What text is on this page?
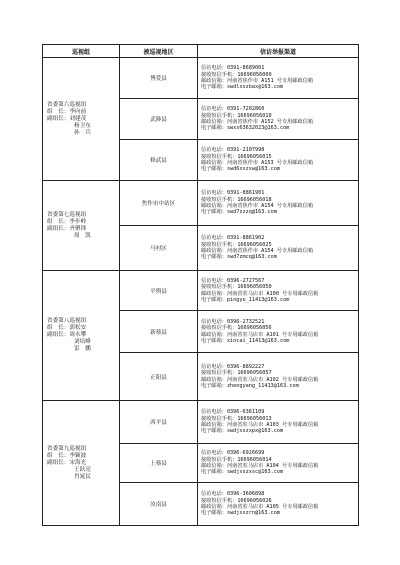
巡视组	被巡视地区	信访举报渠道

省委第六巡视组
组　长：李向前
副组长：刘建茂
杨卫东
孙　兵	博爱县	信访电话：0391-8689001
接收短信手机：16696056009
邮政信箱：河南省焦作市 A151 号专用邮政信箱
电子邮箱：swdlxszbax@163.com

	武陟县	信访电话：0391-7202860
接收短信手机：16696056010
邮政信箱：河南省焦作市 A152 号专用邮政信箱
电子邮箱：swxs63632023@163.com

	修武县	信访电话：0391-2107998
接收短信手机：16696056015
邮政信箱：河南省焦作市 A153 号专用邮政信箱
电子邮箱：swd6xszxw@163.com

省委第七巡视组
组　长：李步岭
副组长：齐聚锋
周　凯	焦作市中站区	信访电话：0391-8861901
接收短信手机：16696056018
邮政信箱：河南省焦作市 A154 号专用邮政信箱
电子邮箱：swd7zzzq@163.com

	马村区	信访电话：0391-8861902
接收短信手机：16696056025
邮政信箱：河南省焦作市 A154 号专用邮政信箱
电子邮箱：swd7zmcq@163.com

省委第八巡视组
组　长：郭松安
副组长：周永攀
刘培峰
雷　鹏	平舆县	信访电话：0396-2727567
接收短信手机：16696056050
邮政信箱：河南省驻马店市 A100 号专用邮政信箱
电子邮箱：pingyu_11413@163.com

	新蔡县	信访电话：0396-2732521
接收短信手机：16696056056
邮政信箱：河南省驻马店市 A101 号专用邮政信箱
电子邮箱：xincai_11413@163.com

	正阳县	信访电话：0396-8892227
接收短信手机：16696056057
邮政信箱：河南省驻马店市 A102 号专用邮政信箱
电子邮箱：zhengyang_11413@163.com

省委第九巡视组
组　长：李颖波
副组长：宋海光
王跃亮
肖晁民	西平县	信访电话：0396-6361109
接收短信手机：16696056013
邮政信箱：河南省驻马店市 A103 号专用邮政信箱
电子邮箱：swdjxszxpx@163.com

	上蔡县	信访电话：0396-6926699
接收短信手机：16696056014
邮政信箱：河南省驻马店市 A104 号专用邮政信箱
电子邮箱：swdjxszxsc@163.com

	汝南县	信访电话：0396-3606898
接收短信手机：16696056026
邮政信箱：河南省驻马店市 A105 号专用邮政信箱
电子邮箱：swdjxszrn@163.com
